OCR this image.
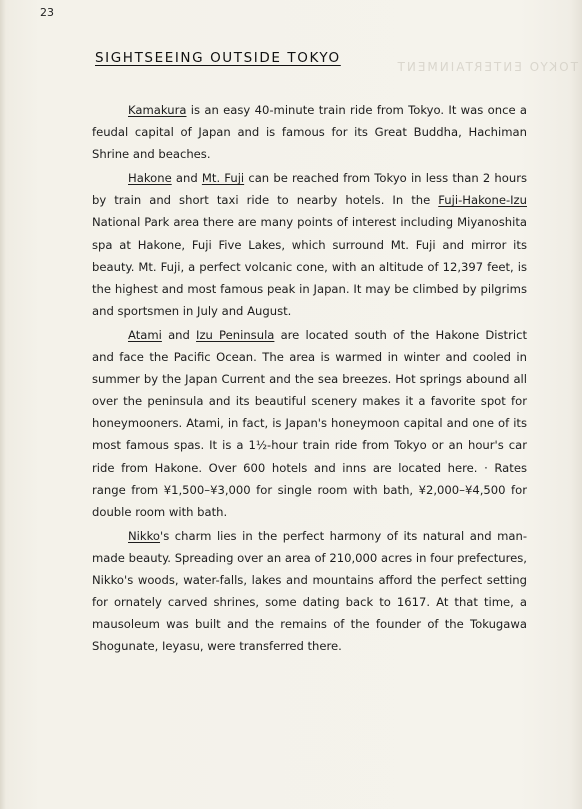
TOKYO ENTERTAINMENT
23
SIGHTSEEING OUTSIDE TOKYO

Kamakura is an easy 40-minute train ride from Tokyo. It was once a feudal capital of Japan and is famous for its Great Buddha, Hachiman Shrine and beaches.

Hakone and Mt. Fuji can be reached from Tokyo in less than 2 hours by train and short taxi ride to nearby hotels. In the Fuji-Hakone-Izu National Park area there are many points of interest including Miyanoshita spa at Hakone, Fuji Five Lakes, which surround Mt. Fuji and mirror its beauty. Mt. Fuji, a perfect volcanic cone, with an altitude of 12,397 feet, is the highest and most famous peak in Japan. It may be climbed by pilgrims and sportsmen in July and August.

Atami and Izu Peninsula are located south of the Hakone District and face the Pacific Ocean. The area is warmed in winter and cooled in summer by the Japan Current and the sea breezes. Hot springs abound all over the peninsula and its beautiful scenery makes it a favorite spot for honeymooners. Atami, in fact, is Japan's honeymoon capital and one of its most famous spas. It is a 1½-hour train ride from Tokyo or an hour's car ride from Hakone. Over 600 hotels and inns are located here. · Rates range from ¥1,500–¥3,000 for single room with bath, ¥2,000–¥4,500 for double room with bath.

Nikko's charm lies in the perfect harmony of its natural and man-made beauty. Spreading over an area of 210,000 acres in four prefectures, Nikko's woods, water-falls, lakes and mountains afford the perfect setting for ornately carved shrines, some dating back to 1617. At that time, a mausoleum was built and the remains of the founder of the Tokugawa Shogunate, Ieyasu, were transferred there.
